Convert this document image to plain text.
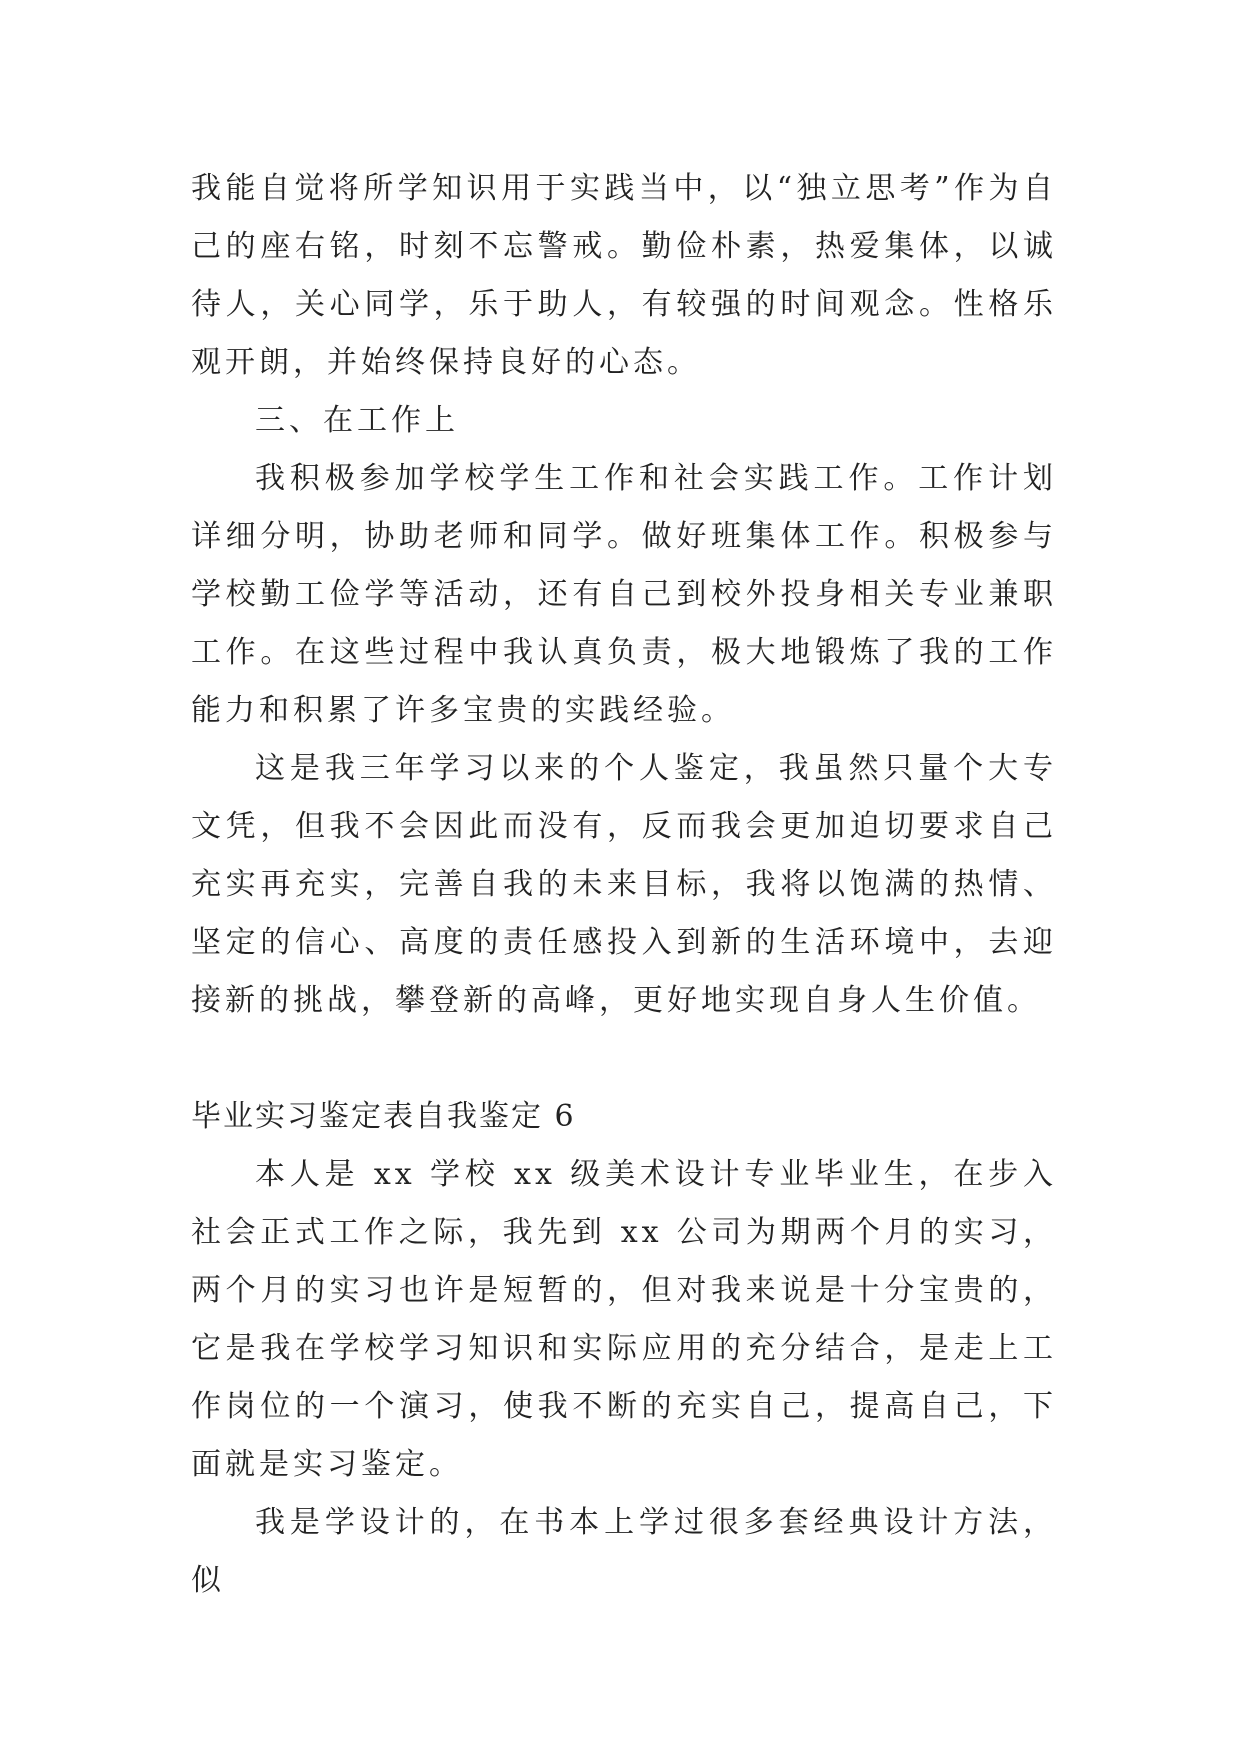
我能自觉将所学知识用于实践当中，以“独立思考”作为自己的座右铭，时刻不忘警戒。勤俭朴素，热爱集体，以诚待人，关心同学，乐于助人，有较强的时间观念。性格乐观开朗，并始终保持良好的心态。

三、在工作上

我积极参加学校学生工作和社会实践工作。工作计划详细分明，协助老师和同学。做好班集体工作。积极参与学校勤工俭学等活动，还有自己到校外投身相关专业兼职工作。在这些过程中我认真负责，极大地锻炼了我的工作能力和积累了许多宝贵的实践经验。

这是我三年学习以来的个人鉴定，我虽然只量个大专文凭，但我不会因此而没有，反而我会更加迫切要求自己充实再充实，完善自我的未来目标，我将以饱满的热情、坚定的信心、高度的责任感投入到新的生活环境中，去迎接新的挑战，攀登新的高峰，更好地实现自身人生价值。

毕业实习鉴定表自我鉴定 6

本人是 xx 学校 xx 级美术设计专业毕业生，在步入社会正式工作之际，我先到 xx 公司为期两个月的实习，两个月的实习也许是短暂的，但对我来说是十分宝贵的，它是我在学校学习知识和实际应用的充分结合，是走上工作岗位的一个演习，使我不断的充实自己，提高自己，下面就是实习鉴定。

我是学设计的，在书本上学过很多套经典设计方法，似
